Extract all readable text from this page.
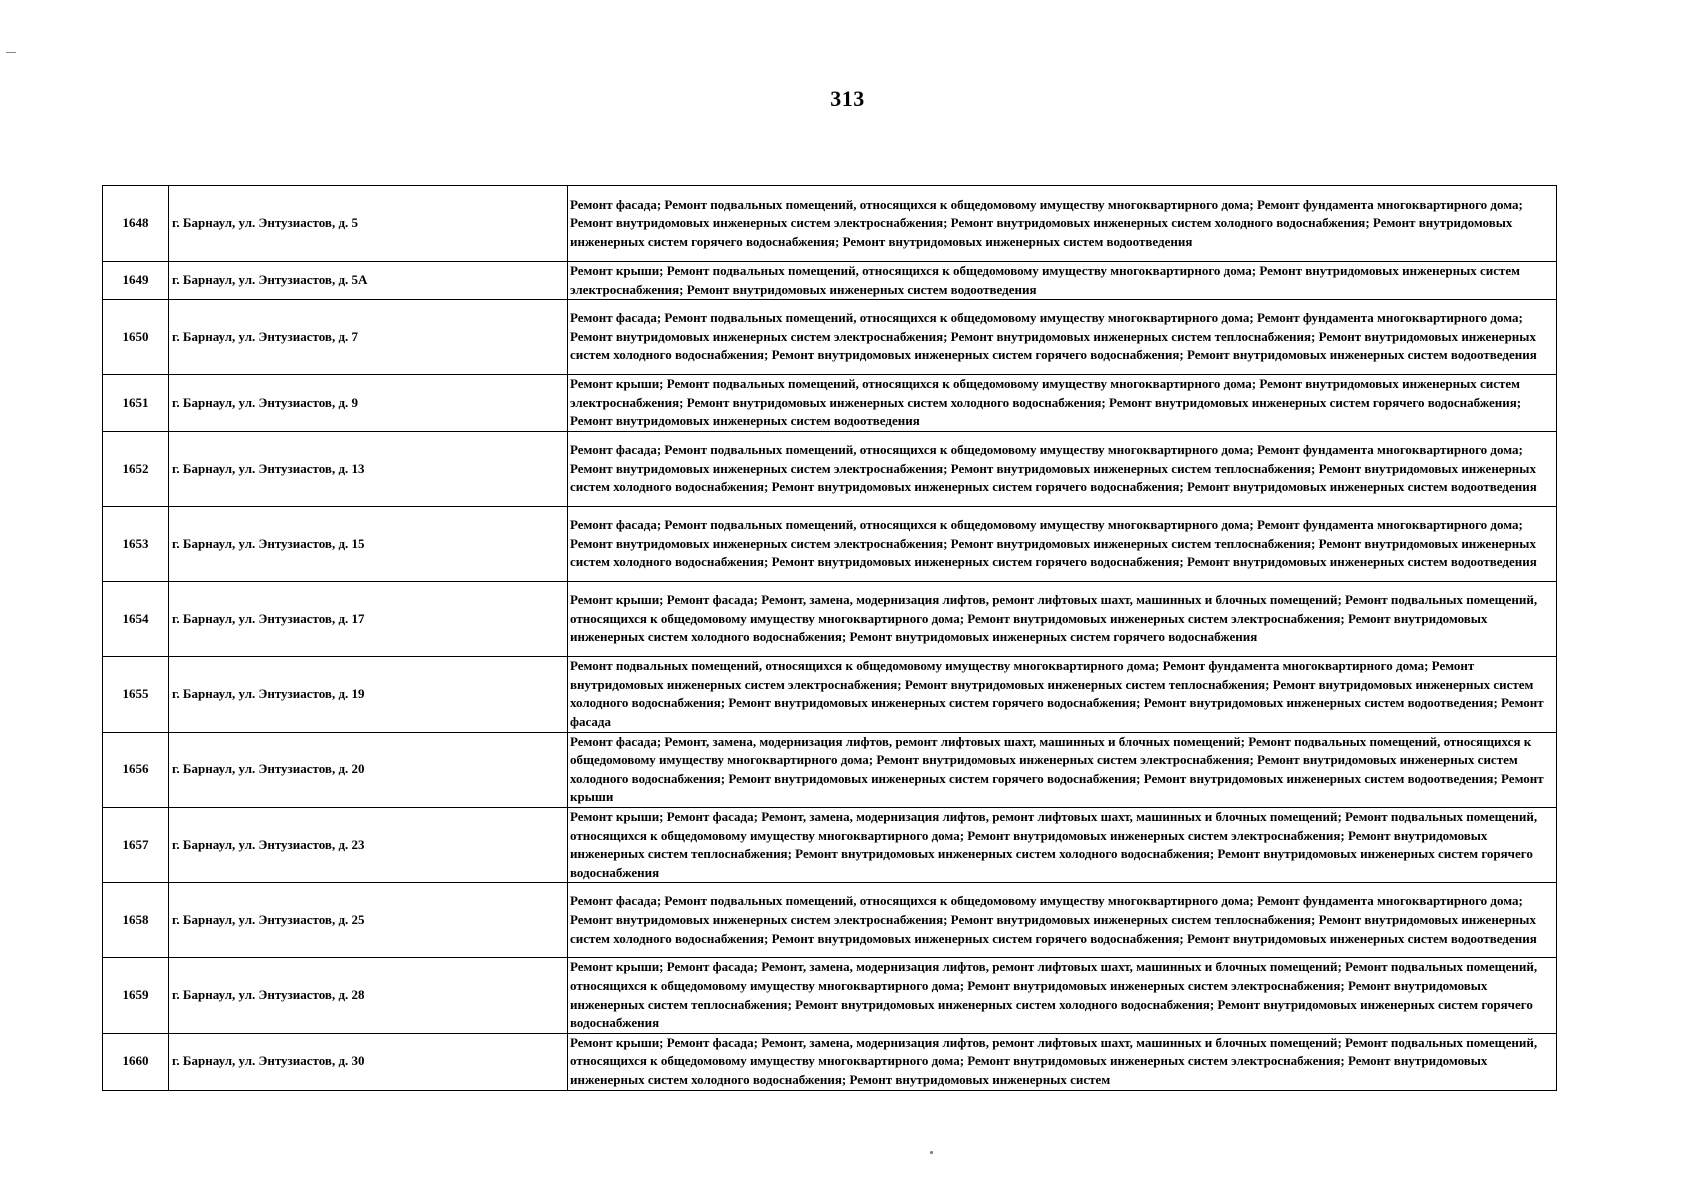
313
1648	г. Барнаул, ул. Энтузиастов, д. 5	Ремонт фасада; Ремонт подвальных помещений, относящихся к общедомовому имуществу многоквартирного дома; Ремонт фундамента многоквартирного дома; Ремонт внутридомовых инженерных систем электроснабжения; Ремонт внутридомовых инженерных систем холодного водоснабжения; Ремонт внутридомовых инженерных систем горячего водоснабжения; Ремонт внутридомовых инженерных систем водоотведения
1649	г. Барнаул, ул. Энтузиастов, д. 5А	Ремонт крыши; Ремонт подвальных помещений, относящихся к общедомовому имуществу многоквартирного дома; Ремонт внутридомовых инженерных систем электроснабжения; Ремонт внутридомовых инженерных систем водоотведения
1650	г. Барнаул, ул. Энтузиастов, д. 7	Ремонт фасада; Ремонт подвальных помещений, относящихся к общедомовому имуществу многоквартирного дома; Ремонт фундамента многоквартирного дома; Ремонт внутридомовых инженерных систем электроснабжения; Ремонт внутридомовых инженерных систем теплоснабжения; Ремонт внутридомовых инженерных систем холодного водоснабжения; Ремонт внутридомовых инженерных систем горячего водоснабжения; Ремонт внутридомовых инженерных систем водоотведения
1651	г. Барнаул, ул. Энтузиастов, д. 9	Ремонт крыши; Ремонт подвальных помещений, относящихся к общедомовому имуществу многоквартирного дома; Ремонт внутридомовых инженерных систем электроснабжения; Ремонт внутридомовых инженерных систем холодного водоснабжения; Ремонт внутридомовых инженерных систем горячего водоснабжения; Ремонт внутридомовых инженерных систем водоотведения
1652	г. Барнаул, ул. Энтузиастов, д. 13	Ремонт фасада; Ремонт подвальных помещений, относящихся к общедомовому имуществу многоквартирного дома; Ремонт фундамента многоквартирного дома; Ремонт внутридомовых инженерных систем электроснабжения; Ремонт внутридомовых инженерных систем теплоснабжения; Ремонт внутридомовых инженерных систем холодного водоснабжения; Ремонт внутридомовых инженерных систем горячего водоснабжения; Ремонт внутридомовых инженерных систем водоотведения
1653	г. Барнаул, ул. Энтузиастов, д. 15	Ремонт фасада; Ремонт подвальных помещений, относящихся к общедомовому имуществу многоквартирного дома; Ремонт фундамента многоквартирного дома; Ремонт внутридомовых инженерных систем электроснабжения; Ремонт внутридомовых инженерных систем теплоснабжения; Ремонт внутридомовых инженерных систем холодного водоснабжения; Ремонт внутридомовых инженерных систем горячего водоснабжения; Ремонт внутридомовых инженерных систем водоотведения
1654	г. Барнаул, ул. Энтузиастов, д. 17	Ремонт крыши; Ремонт фасада; Ремонт, замена, модернизация лифтов, ремонт лифтовых шахт, машинных и блочных помещений; Ремонт подвальных помещений, относящихся к общедомовому имуществу многоквартирного дома; Ремонт внутридомовых инженерных систем электроснабжения; Ремонт внутридомовых инженерных систем холодного водоснабжения; Ремонт внутридомовых инженерных систем горячего водоснабжения
1655	г. Барнаул, ул. Энтузиастов, д. 19	Ремонт подвальных помещений, относящихся к общедомовому имуществу многоквартирного дома; Ремонт фундамента многоквартирного дома; Ремонт внутридомовых инженерных систем электроснабжения; Ремонт внутридомовых инженерных систем теплоснабжения; Ремонт внутридомовых инженерных систем холодного водоснабжения; Ремонт внутридомовых инженерных систем горячего водоснабжения; Ремонт внутридомовых инженерных систем водоотведения; Ремонт фасада
1656	г. Барнаул, ул. Энтузиастов, д. 20	Ремонт фасада; Ремонт, замена, модернизация лифтов, ремонт лифтовых шахт, машинных и блочных помещений; Ремонт подвальных помещений, относящихся к общедомовому имуществу многоквартирного дома; Ремонт внутридомовых инженерных систем электроснабжения; Ремонт внутридомовых инженерных систем холодного водоснабжения; Ремонт внутридомовых инженерных систем горячего водоснабжения; Ремонт внутридомовых инженерных систем водоотведения; Ремонт крыши
1657	г. Барнаул, ул. Энтузиастов, д. 23	Ремонт крыши; Ремонт фасада; Ремонт, замена, модернизация лифтов, ремонт лифтовых шахт, машинных и блочных помещений; Ремонт подвальных помещений, относящихся к общедомовому имуществу многоквартирного дома; Ремонт внутридомовых инженерных систем электроснабжения; Ремонт внутридомовых инженерных систем теплоснабжения; Ремонт внутридомовых инженерных систем холодного водоснабжения; Ремонт внутридомовых инженерных систем горячего водоснабжения
1658	г. Барнаул, ул. Энтузиастов, д. 25	Ремонт фасада; Ремонт подвальных помещений, относящихся к общедомовому имуществу многоквартирного дома; Ремонт фундамента многоквартирного дома; Ремонт внутридомовых инженерных систем электроснабжения; Ремонт внутридомовых инженерных систем теплоснабжения; Ремонт внутридомовых инженерных систем холодного водоснабжения; Ремонт внутридомовых инженерных систем горячего водоснабжения; Ремонт внутридомовых инженерных систем водоотведения
1659	г. Барнаул, ул. Энтузиастов, д. 28	Ремонт крыши; Ремонт фасада; Ремонт, замена, модернизация лифтов, ремонт лифтовых шахт, машинных и блочных помещений; Ремонт подвальных помещений, относящихся к общедомовому имуществу многоквартирного дома; Ремонт внутридомовых инженерных систем электроснабжения; Ремонт внутридомовых инженерных систем теплоснабжения; Ремонт внутридомовых инженерных систем холодного водоснабжения; Ремонт внутридомовых инженерных систем горячего водоснабжения
1660	г. Барнаул, ул. Энтузиастов, д. 30	Ремонт крыши; Ремонт фасада; Ремонт, замена, модернизация лифтов, ремонт лифтовых шахт, машинных и блочных помещений; Ремонт подвальных помещений, относящихся к общедомовому имуществу многоквартирного дома; Ремонт внутридомовых инженерных систем электроснабжения; Ремонт внутридомовых инженерных систем холодного водоснабжения; Ремонт внутридомовых инженерных систем
